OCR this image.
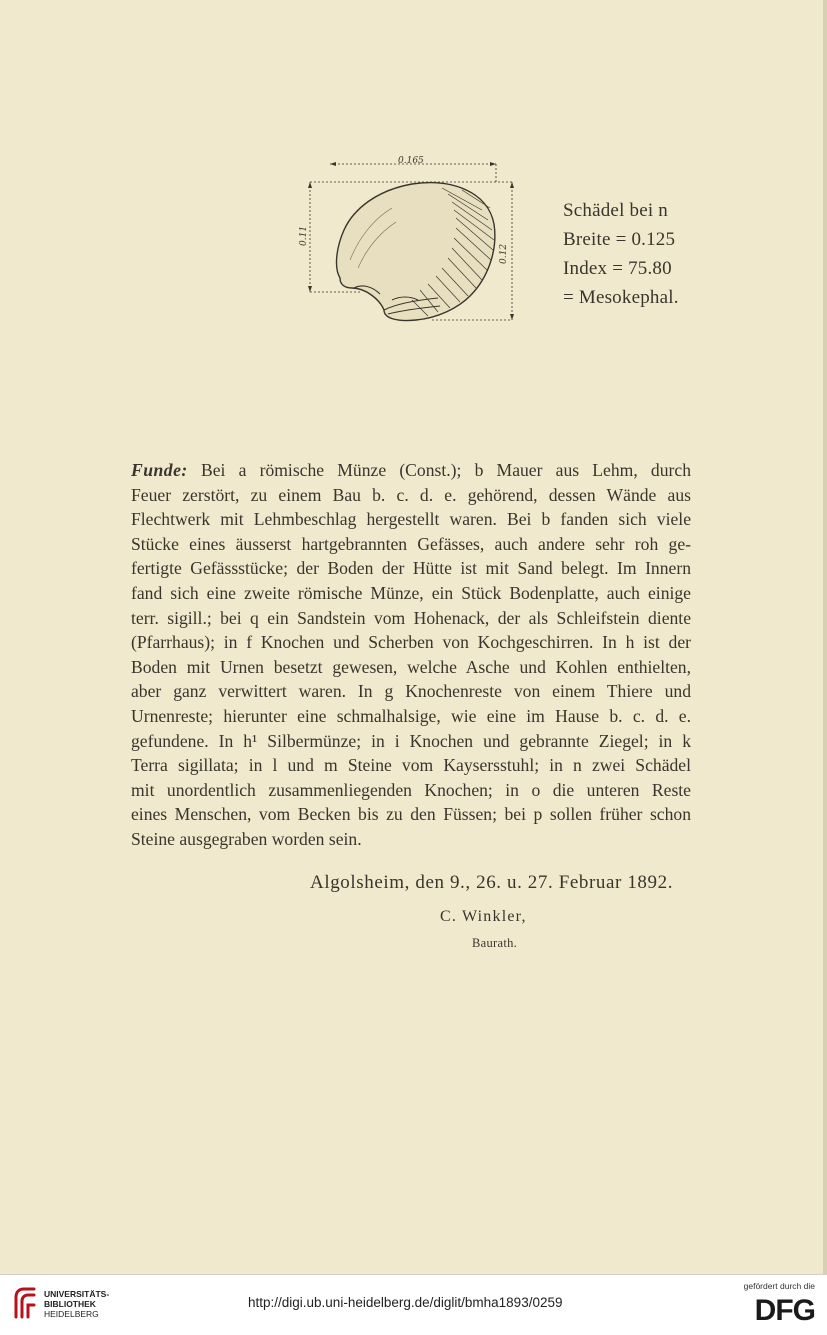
0.165
0.11
0.12
Schädel bei n
Breite = 0.125
Index = 75.80
= Mesokephal.
Funde: Bei a römische Münze (Const.); b Mauer aus Lehm, durch
Feuer zerstört, zu einem Bau b. c. d. e. gehörend, dessen Wände aus
Flechtwerk mit Lehmbeschlag hergestellt waren. Bei b fanden sich viele
Stücke eines äusserst hartgebrannten Gefässes, auch andere sehr roh ge-
fertigte Gefässstücke; der Boden der Hütte ist mit Sand belegt. Im Innern
fand sich eine zweite römische Münze, ein Stück Bodenplatte, auch einige
terr. sigill.; bei q ein Sandstein vom Hohenack, der als Schleifstein diente
(Pfarrhaus); in f Knochen und Scherben von Kochgeschirren. In h ist der
Boden mit Urnen besetzt gewesen, welche Asche und Kohlen enthielten,
aber ganz verwittert waren. In g Knochenreste von einem Thiere und
Urnenreste; hierunter eine schmalhalsige, wie eine im Hause b. c. d. e.
gefundene. In h¹ Silbermünze; in i Knochen und gebrannte Ziegel; in k
Terra sigillata; in l und m Steine vom Kaysersstuhl; in n zwei Schädel
mit unordentlich zusammenliegenden Knochen; in o die unteren Reste
eines Menschen, vom Becken bis zu den Füssen; bei p sollen früher schon
Steine ausgegraben worden sein.
Algolsheim, den 9., 26. u. 27. Februar 1892.
C. Winkler,
Baurath.
UNIVERSITÄTS-
BIBLIOTHEK
HEIDELBERG
http://digi.ub.uni-heidelberg.de/diglit/bmha1893/0259
gefördert durch die
DFG
